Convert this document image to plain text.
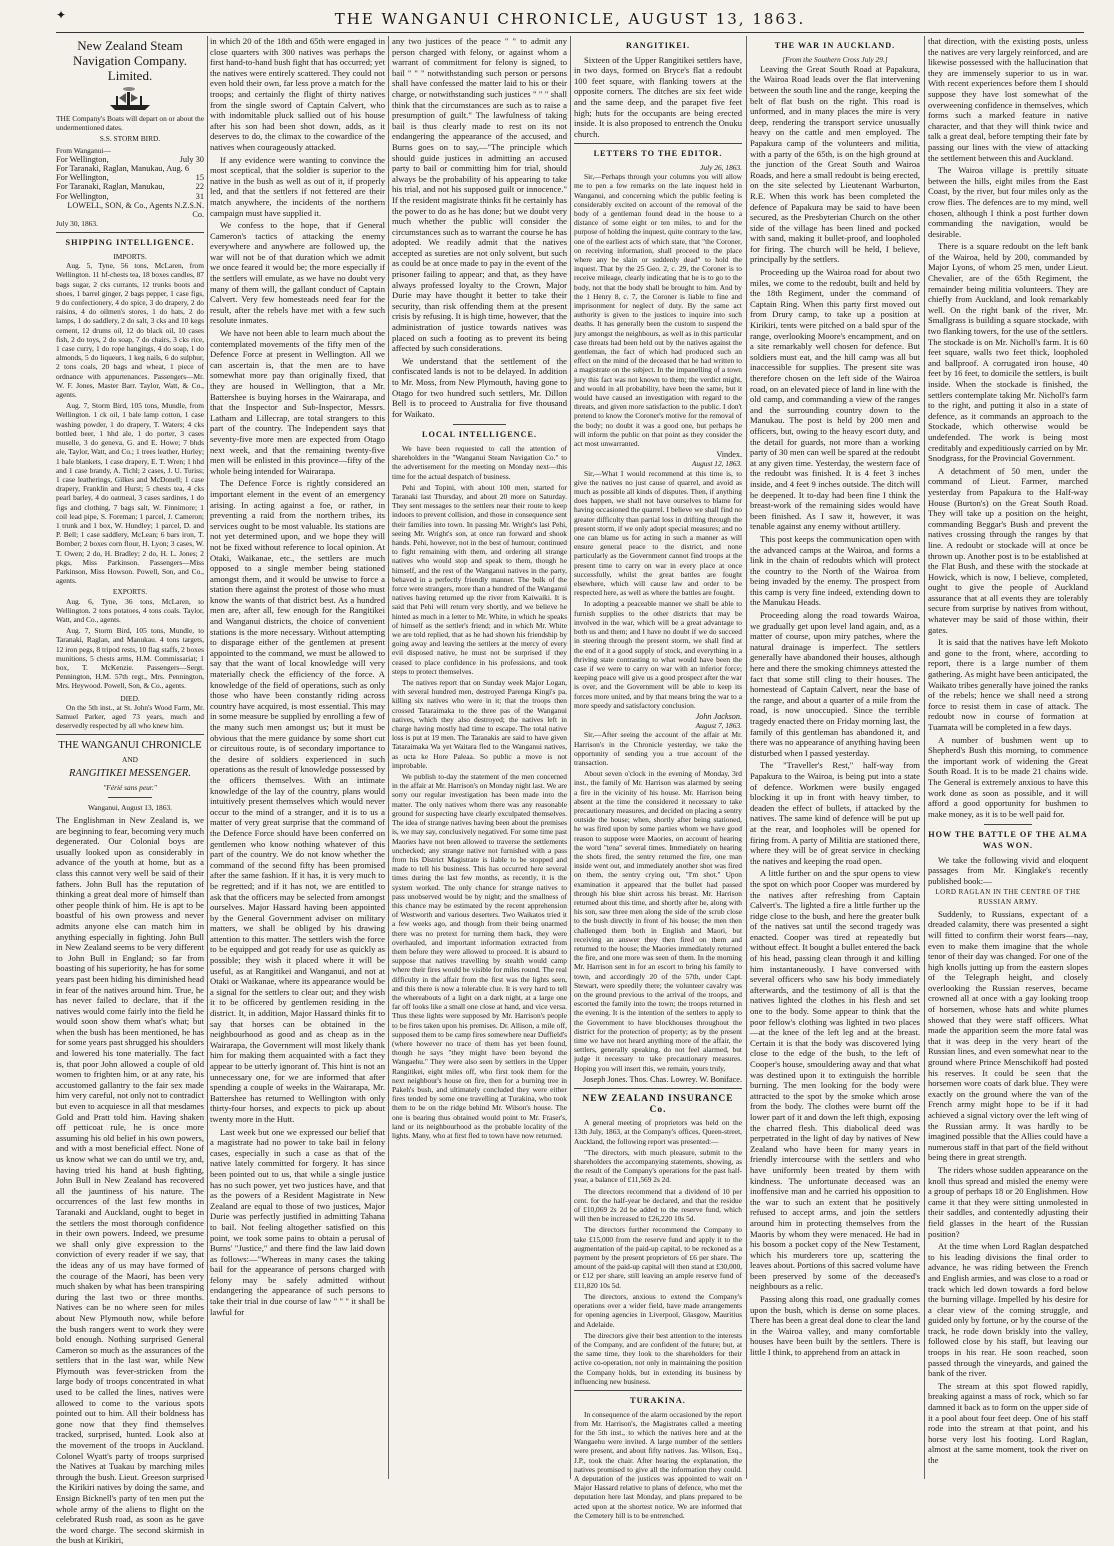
✦	THE WANGANUI CHRONICLE, AUGUST 13, 1863.
New Zealand Steam Navigation Company. Limited.

THE Company's Boats will depart on or about the undermentioned dates.

S.S. STORM BIRD.
From Wanganui—
For Wellington,	July 30
For Taranaki, Raglan, Manukau, Aug. 6
For Wellington,	15
For Taranaki, Raglan, Manukau,	22
For Wellington,	31
LOWELL, SON, & Co., Agents N.Z.S.N. Co.
July 30, 1863.
SHIPPING INTELLIGENCE.
IMPORTS.

Aug. 5, Tyne, 56 tons, McLaren, from Wellington. 11 hf-chests tea, 18 boxes candles, 87 bags sugar, 2 cks currants, 12 trunks boots and shoes, 1 barrel ginger, 2 bags pepper, 1 case figs, 9 do confectionery, 4 do spice, 3 do drapery, 2 do raisins, 4 do oilmen's stores, 1 do hats, 2 do lamps, 1 do saddlery, 2 do salt, 3 cks and 10 kegs cement, 12 drums oil, 12 do black oil, 10 cases fish, 2 do toys, 2 do soap, 7 do chairs, 3 cks rice, 1 case curry, 1 do rope hangings, 4 do soap, 1 do almonds, 5 do liqueurs, 1 keg nails, 6 do sulphur, 2 tons coals, 20 bags and wheat, 1 piece of ordnance with appurtenances. Passengers—Mr. W. F. Jones, Master Barr. Taylor, Watt, & Co., agents.

Aug. 7, Storm Bird, 105 tons, Mundle, from Wellington. 1 ck oil, 1 bale lamp cotton, 1 case washing powder, 1 do drapery, T. Waters; 4 cks bottled beer, 1 hhd ale, 1 do porter, 3 cases muselle, 3 do geneva, G. and E. Howe; 7 bhds ale, Taylor, Watt, and Co.; 1 trees leather, Hurley; 1 bale blankets, 1 case drapery, E. T. Wren; 1 hhd and 1 case brandy, A. Tichl; 2 cases, J. U. Turiss; 1 case leatherings, Gilkes and McDonell; 1 case drapery, Franklin and Hurst; 5 chests tea, 4 cks pearl barley, 4 do oatmeal, 3 cases sardines, 1 do figs and clothing, 7 bags salt, W. Finnimore; 1 coil lead pipe, S. Foreman; 1 parcel, J. Cameron; 1 trunk and 1 box, W. Hundley; 1 parcel, D. and P. Bell; 1 case saddlery, McLean; 6 bars iron, T. Bomber; 2 boxes corn flour, H. Lyon; 3 cases, W. T. Owen; 2 do, H. Bradley; 2 do, H. L. Jones; 2 pkgs, Miss Parkinson. Passengers—Miss Parkinson, Miss Howson. Powell, Son, and Co., agents.

EXPORTS.

Aug. 6, Tyne, 36 tons, McLaren, to Wellington. 2 tons potatoes, 4 tons coals. Taylor, Watt, and Co., agents.

Aug. 7, Storm Bird, 105 tons, Mundle, to Taranaki, Raglan, and Manukau. 4 tons targets, 12 iron pegs, 8 tripod rests, 10 flag staffs, 2 boxes munitions, 5 chests arms, H.M. Commissariat; 1 box, T. McKenzie. Passengers—Sergt. Pennington, H.M. 57th regt., Mrs. Pennington, Mrs. Heywood. Powell, Son, & Co., agents.

DIED.

On the 5th inst., at St. John's Wood Farm, Mr. Samuel Parker, aged 73 years, much and deservedly respected by all who knew him.

THE WANGANUI CHRONICLE
AND
RANGITIKEI MESSENGER.
"Férié sans peur."
Wanganui, August 13, 1863.

The Englishman in New Zealand is, we are beginning to fear, becoming very much degenerated. Our Colonial boys are usually looked upon as considerably in advance of the youth at home, but as a class this cannot very well be said of their fathers. John Bull has the reputation of thinking a great deal more of himself than other people think of him. He is apt to be boastful of his own prowess and never admits anyone else can match him in anything especially in fighting. John Bull in New Zealand seems to be very different to John Bull in England; so far from boasting of his superiority, he has for some years past been hiding his diminished head in fear of the natives around him. True, he has never failed to declare, that if the natives would come fairly into the field he would soon show them what's what; but when the bush has been mentioned, he has for some years past shrugged his shoulders and lowered his tone materially. The fact is, that poor John allowed a couple of old women to frighten him, or at any rate, his accustomed gallantry to the fair sex made him very careful, not only not to contradict but even to acquiesce in all that mesdames Gold and Pratt told him. Having shaken off petticoat rule, he is once more assuming his old belief in his own powers, and with a most beneficial effect. None of us know what we can do until we try, and, having tried his hand at bush fighting, John Bull in New Zealand has recovered all the jauntiness of his nature. The occurrences of the last few months in Taranaki and Auckland, ought to beget in the settlers the most thorough confidence in their own powers. Indeed, we presume we shall only give expression to the conviction of every reader if we say, that the ideas any of us may have formed of the courage of the Maori, has been very much shaken by what has been transpiring during the last two or three months. Natives can be no where seen for miles about New Plymouth now, while before the bush rangers went to work they were bold enough. Nothing surprised General Cameron so much as the assurances of the settlers that in the last war, while New Plymouth was fever-stricken from the large body of troops concentrated in what used to be called the lines, natives were allowed to come to the various spots pointed out to him. All their boldness has gone now that they find themselves tracked, surprised, hunted. Look also at the movement of the troops in Auckland. Colonel Wyatt's party of troops surprised the Natives at Tuakau by marching miles through the bush. Lieut. Greeson surprised the Kirikiri natives by doing the same, and Ensign Bicknell's party of ten men put the whole army of the aliens to flight on the celebrated Rush road, as soon as he gave the word charge. The second skirmish in the bush at Kirikiri,

in which 20 of the 18th and 65th were engaged in close quarters with 300 natives was perhaps the first hand-to-hand bush fight that has occurred; yet the natives were entirely scattered. They could not even hold their own, far less prove a match for the troops; and certainly the flight of thirty natives from the single sword of Captain Calvert, who with indomitable pluck sallied out of his house after his son had been shot down, adds, as it deserves to do, the climax to the cowardice of the natives when courageously attacked.

If any evidence were wanting to convince the most sceptical, that the soldier is superior to the native in the bush as well as out of it, if properly led, and that the settlers if not fettered are their match anywhere, the incidents of the northern campaign must have supplied it.

We confess to the hope, that if General Cameron's tactics of attacking the enemy everywhere and anywhere are followed up, the war will not be of that duration which we admit we once feared it would be; the more especially if the settlers will emulate, as we have no doubt very many of them will, the gallant conduct of Captain Calvert. Very few homesteads need fear for the result, after the rebels have met with a few such resolute inmates.

We have not been able to learn much about the contemplated movements of the fifty men of the Defence Force at present in Wellington. All we can ascertain is, that the men are to have somewhat more pay than originally fixed, that they are housed in Wellington, that a Mr. Battershee is buying horses in the Wairarapa, and that the Inspector and Sub-Inspector, Messrs. Latham and Lillecrap, are total strangers to this part of the country. The Independent says that seventy-five more men are expected from Otago next week, and that the remaining twenty-five men will be enlisted in this province—fifty of the whole being intended for Wairarapa.

The Defence Force is rightly considered an important element in the event of an emergency arising. In acting against a foe, or rather, in preventing a raid from the northern tribes, its services ought to be most valuable. Its stations are not yet determined upon, and we hope they will not be fixed without reference to local opinion. At Otaki, Waikanae, etc., the settlers are much opposed to a single member being stationed amongst them, and it would be unwise to force a station there against the protest of those who must know the wants of that district best. As a hundred men are, after all, few enough for the Rangitikei and Wanganui districts, the choice of convenient stations is the more necessary. Without attempting to disparage either of the gentlemen at present appointed to the command, we must be allowed to say that the want of local knowledge will very materially check the efficiency of the force. A knowledge of the field of operations, such as only those who have been constantly riding across country have acquired, is most essential. This may in some measure be supplied by enrolling a few of the many such men amongst us; but it must be obvious that the mere guidance by some short cut or circuitous route, is of secondary importance to the desire of soldiers experienced in such operations as the result of knowledge possessed by the officers themselves. With an intimate knowledge of the lay of the country, plans would intuitively present themselves which would never occur to the mind of a stranger, and it is to us a matter of very great surprise that the command of the Defence Force should have been conferred on gentlemen who know nothing whatever of this part of the country. We do not know whether the command of the second fifty has been promised after the same fashion. If it has, it is very much to be regretted; and if it has not, we are entitled to ask that the officers may be selected from amongst ourselves. Major Hassard having been appointed by the General Government adviser on military matters, we shall be obliged by his drawing attention to this matter. The settlers wish the force to be equipped and got ready for use as quickly as possible; they wish it placed where it will be useful, as at Rangitikei and Wanganui, and not at Otaki or Waikanae, where its appearance would be a signal for the settlers to clear out; and they wish it to be officered by gentlemen residing in the district. It, in addition, Major Hassard thinks fit to say that horses can be obtained in the neighbourhood as good and as cheap as in the Wairarapa, the Government will most likely thank him for making them acquainted with a fact they appear to be utterly ignorant of. This hint is not an unnecessary one, for we are informed that after spending a couple of weeks in the Wairarapa, Mr. Battershee has returned to Wellington with only thirty-four horses, and expects to pick up about twenty more in the Hutt.

Last week but one we expressed our belief that a magistrate had no power to take bail in felony cases, especially in such a case as that of the native lately committed for forgery. It has since been pointed out to us, that while a single justice has no such power, yet two justices have, and that as the powers of a Resident Magistrate in New Zealand are equal to those of two justices, Major Durie was perfectly justified in admitting Tahana to bail. Not feeling altogether satisfied on this point, we took some pains to obtain a perusal of Burns' "Justice," and there find the law laid down as follows:—"Whereas in many cases the taking bail for the appearance of persons charged with felony may be safely admitted without endangering the appearance of such persons to take their trial in due course of law " " " it shall be lawful for

any two justices of the peace " " to admit any person charged with felony, or against whom a warrant of commitment for felony is signed, to bail " " " notwithstanding such person or persons shall have confessed the matter laid to his or their charge, or notwithstanding such justices " " " shall think that the circumstances are such as to raise a presumption of guilt." The lawfulness of taking bail is thus clearly made to rest on its not endangering the appearance of the accused, and Burns goes on to say,—"The principle which should guide justices in admitting an accused party to bail or committing him for trial, should always be the probability of his appearing to take his trial, and not his supposed guilt or innocence." If the resident magistrate thinks fit he certainly has the power to do as he has done; but we doubt very much whether the public will consider the circumstances such as to warrant the course he has adopted. We readily admit that the natives accepted as sureties are not only solvent, but such as could be at once made to pay in the event of the prisoner failing to appear; and that, as they have always professed loyalty to the Crown, Major Durie may have thought it better to take their security, than risk offending them at the present crisis by refusing. It is high time, however, that the administration of justice towards natives was placed on such a footing as to prevent its being affected by such considerations.

We understand that the settlement of the confiscated lands is not to be delayed. In addition to Mr. Moss, from New Plymouth, having gone to Otago for two hundred such settlers, Mr. Dillon Bell is to proceed to Australia for five thousand for Waikato.

LOCAL INTELLIGENCE.

We have been requested to call the attention of shareholders in the "Wanganui Steam Navigation Co." to the advertisement for the meeting on Monday next—this time for the actual despatch of business.

Pehi and Topini, with about 100 men, started for Taranaki last Thursday, and about 20 more on Saturday. They sent messages to the settlers near their route to keep indoors to prevent collision, and those in consequence sent their families into town. In passing Mr. Wright's last Pehi, seeing Mr. Wright's son, at once ran forward and shook hands. Pehi, however, not in the best of humour, continued to fight remaining with them, and ordering all strange natives who would stop and speak to them, though he himself, and the rest of the Wanganui natives in the party, behaved in a perfectly friendly manner. The bulk of the force were strangers, more than a hundred of the Wanganui natives having returned up the river from Kaiwaiki. It is said that Pehi will return very shortly, and we believe he hinted as much in a letter to Mr. White, in which he speaks of himself as the settler's friend; and in which Mr. White we are told replied, that as he had shown his friendship by going away and leaving the settlers at the mercy of every evil disposed native, he must not be surprised if they ceased to place confidence in his professions, and took steps to protect themselves.

The natives report that on Sunday week Major Logan, with several hundred men, destroyed Parenga Kingi's pa, killing six natives who were in it; that the troops then crossed Tataraimaka to the three pas of the Wanganui natives, which they also destroyed; the natives left in charge having mostly had time to escape. The total native loss is put at 19 men. The Taranakis are said to have given Tataraimaka Wa yet Waitara fled to the Wanganui natives, as ucta ke Hore Paleaa. So public a move is not improbable.

We publish to-day the statement of the men concerned in the affair at Mr. Harrison's on Monday night last. We are sorry our regular investigation has been made into the matter. The only natives whom there was any reasonable ground for suspecting have clearly exculpated themselves. The idea of strange natives having been about the premises is, we may say, conclusively negatived. For some time past Maories have not been allowed to traverse the settlements unchecked; any strange native not furnished with a pass from his District Magistrate is liable to be stopped and made to tell his business. This has occurred here several times during the last few months, as recently, it is the system worked. The only chance for strange natives to pass unobserved would be by night; and the smallness of this chance may be estimated by the recent apprehension of Westworth and various deserters. Two Waikatos tried it a few weeks ago, and though from their being unarmed there was no pretext for turning them back, they were overhauled, and important information extracted from them before they were allowed to proceed. It is absurd to suppose that natives travelling by stealth would camp where their fires would be visible for miles round. The real difficulty in the affair from the first was the lights seen, and this there is now a tolerable clue. It is very hard to tell the whereabouts of a light on a dark night, at a large one far off looks like a small one close at hand, and vice versa. Thus these lights were supposed by Mr. Harrison's people to be fires taken upon his premises. Dr. Allison, a mile off, supposed them to be camp fires somewhere near Duffield's (where however no trace of them has yet been found, though he says "they might have been beyond the Wangaehu." They were also seen by settlers in the Upper Rangitikei, eight miles off, who first took them for the next neighbour's house on fire, then for a burning tree in Pakeh's bush, and ultimately concluded they were either fires tended by some one travelling at Turakina, who took them to be on the ridge behind Mr. Wilson's house. The one is bearing thus obtained would point to Mr. Fraser's, land or its neighbourhood as the probable locality of the lights. Many, who at first fled to town have now returned.

RANGITIKEI.

Sixteen of the Upper Rangitikei settlers have, in two days, formed on Bryce's flat a redoubt 100 feet square, with flanking towers at the opposite corners. The ditches are six feet wide and the same deep, and the parapet five feet high; huts for the occupants are being erected inside. It is also proposed to entrench the Onuku church.

LETTERS TO THE EDITOR.
July 26, 1863.

Sir,—Perhaps through your columns you will allow me to pen a few remarks on the late inquest held in Wanganui, and concerning which the public feeling is considerably excited on account of the removal of the body of a gentleman found dead in the house to a distance of some eight or ten miles, to and for the purpose of holding the inquest, quite contrary to the law, one of the earliest acts of which state, that "the Coroner, on receiving information, shall proceed to the place where any be slain or suddenly dead" to hold the inquest. That by the 25 Geo. 2, c. 29, the Coroner is to receive mileage, clearly indicating that he is to go to the body, not that the body shall be brought to him. And by the 1 Henry 8, c. 7, the Coroner is liable to fine and imprisonment for neglect of duty. By the same act authority is given to the justices to inquire into such deaths. It has generally been the custom to suspend the jury amongst the neighbours, as well as in this particular case threats had been held out by the natives against the gentleman, the fact of which had produced such an effect on the mind of the deceased that he had written to a magistrate on the subject. In the impanelling of a town jury this fact was not known to them; the verdict might, and would in all probability, have been the same, but it would have caused an investigation with regard to the threats, and given more satisfaction to the public. I don't pretend to know the Coroner's motive for the removal of the body; no doubt it was a good one, but perhaps he will inform the public on that point as they consider the act most unwarranted.

Vindex.
August 12, 1863.

Sir,—What I would recommend at this time is, to give the natives no just cause of quarrel, and avoid as much as possible all kinds of disputes. Then, if anything does happen, we shall not have ourselves to blame for having occasioned the quarrel. I believe we shall find no greater difficulty than partial loss in drifting through the present storm, if we only adopt special measures; and no one can blame us for acting in such a manner as will ensure general peace to the district, and none particularly as the Government cannot find troops at the present time to carry on war in every place at once successfully, whilst the great battles are fought elsewhere, which will cause law and order to be respected here, as well as where the battles are fought.

In adopting a peaceable manner we shall be able to furnish supplies to the other districts that may be involved in the war, which will be a great advantage to both us and them; and I have no doubt if we do succeed in steering through the present storm, we shall find at the end of it a good supply of stock, and everything in a thriving state contrasting to what would have been the case if we were to carry on war with an inferior force; keeping peace will give us a good prospect after the war is over, and the Government will be able to keep its forces more united, and by that means bring the war to a more speedy and satisfactory conclusion.

John Jackson.
August 7, 1863.

Sir,—After seeing the account of the affair at Mr. Harrison's in the Chronicle yesterday, we take the opportunity of sending you a true account of the transaction.

About seven o'clock in the evening of Monday, 3rd inst., the family of Mr. Harrison was alarmed by seeing a fire in the vicinity of his house. Mr. Harrison being absent at the time the considered it necessary to take precautionary measures, and decided on placing a sentry outside the house; when, shortly after being stationed, he was fired upon by some parties whom we have good reason to suppose were Maories, on account of hearing the word "tena" several times. Immediately on hearing the shots fired, the sentry returned the fire, one man inside went out, and immediately another shot was fired on them, the sentry crying out, "I'm shot." Upon examination it appeared that the bullet had passed through his blue shirt across his breast. Mr. Harrison returned about this time, and shortly after he, along with his son, saw three men along the side of the scrub close to the bush directly in front of his house; the men then challenged them both in English and Maori, but receiving an answer they then fired on them and returned to the house; the Maories immediately returned the fire, and one more was seen of them. In the morning Mr. Harrison sent in for an escort to bring his family to town, and accordingly 20 of the 57th, under Capt. Stewart, were speedily there; the volunteer cavalry was on the ground previous to the arrival of the troops, and escorted the family into the town; the troops returned in the evening. It is the intention of the settlers to apply to the Government to have blockhouses throughout the district for the protection of property; as by the present time we have not heard anything more of the affair, the settlers, generally speaking, do not feel alarmed, but judge it necessary to take precautionary measures. Hoping you will insert this, we remain, yours truly,

Joseph Jones. Thos. Chas. Lowrey. W. Boniface.
NEW ZEALAND INSURANCE Co.

A general meeting of proprietors was held on the 13th July, 1863, at the Company's offices, Queen-street, Auckland, the following report was presented:—

"The directors, with much pleasure, submit to the shareholders the accompanying statements, showing, as the result of the Company's operations for the past half-year, a balance of £11,569 2s 2d.

The directors recommend that a dividend of 10 per cent. for the half-year be declared, and that the residue of £10,069 2s 2d be added to the reserve fund, which will then be increased to £26,220 10s 5d.

The directors further recommend the Company to take £15,000 from the reserve fund and apply it to the augmentation of the paid-up capital, to be reckoned as a payment by the present proprietors of £6 per share. The amount of the paid-up capital will then stand at £30,000, or £12 per share, still leaving an ample reserve fund of £11,820 10s 5d.

The directors, anxious to extend the Company's operations over a wider field, have made arrangements for opening agencies in Liverpool, Glasgow, Mauritius and Adelaide.

The directors give their best attention to the interests of the Company, and are confident of the future; but, at the same time, they look to the shareholders for their active co-operation, not only in maintaining the position the Company holds, but in extending its business by influencing new business.

TURAKINA.

In consequence of the alarm occasioned by the report from Mr. Harrison's, the Magistrates called a meeting for the 5th inst., to which the natives here and at the Wangaehu were invited. A large number of the settlers were present, and about fifty natives. Jas. Wilson, Esq., J.P., took the chair. After hearing the explanation, the natives promised to give all the information they could. A deputation of the justices was appointed to wait on Major Hassard relative to plans of defence, who met the deputation here last Monday, and plans prepared to be acted upon at the shortest notice. We are informed that the Cemetery hill is to be entrenched.

THE WAR IN AUCKLAND.
[From the Southern Cross July 29.]

Leaving the Great South Road at Papakura, the Wairoa Road leads over the flat intervening between the south line and the range, keeping the belt of flat bush on the right. This road is unformed, and in many places the mire is very deep, rendering the transport service unusually heavy on the cattle and men employed. The Papakura camp of the volunteers and militia, with a party of the 65th, is on the high ground at the junction of the Great South and Wairoa Roads, and here a small redoubt is being erected, on the site selected by Lieutenant Warburton, R.E. When this work has been completed the defence of Papakura may be said to have been secured, as the Presbyterian Church on the other side of the village has been lined and pocked with sand, making it bullet-proof, and loopholed for firing. The church will be held, I believe, principally by the settlers.

Proceeding up the Wairoa road for about two miles, we come to the redoubt, built and held by the 18th Regiment, under the command of Captain Ring. When this party first moved out from Drury camp, to take up a position at Kirikiri, tents were pitched on a bald spur of the range, overlooking Moore's encampment, and on a site remarkably well chosen for defence. But soldiers must eat, and the hill camp was all but inaccessible for supplies. The present site was therefore chosen on the left side of the Wairoa road, on an elevated piece of land in line with the old camp, and commanding a view of the ranges and the surrounding country down to the Manukau. The post is held by 200 men and officers, but, owing to the heavy escort duty, and the detail for guards, not more than a working party of 30 men can well be spared at the redoubt at any given time. Yesterday, the western face of the redoubt was finished. It is 4 feet 3 inches inside, and 4 feet 9 inches outside. The ditch will be deepened. It to-day had been fine I think the breast-work of the remaining sides would have been finished. As I saw it, however, it was tenable against any enemy without artillery.

This post keeps the communication open with the advanced camps at the Wairoa, and forms a link in the chain of redoubts which will protect the country to the North of the Wairoa from being invaded by the enemy. The prospect from this camp is very fine indeed, extending down to the Manukau Heads.

Proceeding along the road towards Wairoa, we gradually get upon level land again, and, as a matter of course, upon miry patches, where the natural drainage is imperfect. The settlers generally have abandoned their houses, although here and there the smoking chimneys attested the fact that some still cling to their houses. The homestead of Captain Calvert, near the base of the range, and about a quarter of a mile from the road, is now unoccupied. Since the terrible tragedy enacted there on Friday morning last, the family of this gentleman has abandoned it, and there was no appearance of anything having been disturbed when I passed yesterday.

The "Traveller's Rest," half-way from Papakura to the Wairoa, is being put into a state of defence. Workmen were busily engaged blocking it up in front with heavy timber, to deaden the effect of bullets, if attacked by the natives. The same kind of defence will be put up at the rear, and loopholes will be opened for firing from. A party of Militia are stationed there, where they will be of great service in checking the natives and keeping the road open.

A little further on and the spur opens to view the spot on which poor Cooper was murdered by the natives after refreshing from Captain Calvert's. The lighted a fire a little further up the ridge close to the bush, and here the greater bulk of the natives sat until the second tragedy was enacted. Cooper was tired at repeatedly but without effect. It bought a bullet entered the back of his head, passing clean through it and killing him instantaneously. I have conversed with several officers who saw his body immediately afterwards, and the testimony of all is that the natives lighted the clothes in his flesh and set one to the body. Some appear to think that the poor fellow's clothing was lighted in two places—at the knee of the left leg and at the breast. Certain it is that the body was discovered lying close to the edge of the bush, to the left of Cooper's house, smouldering away and that what was destined upon it to extinguish the horrible burning. The men looking for the body were attracted to the spot by the smoke which arose from the body. The clothes were burnt off the lower part of it and down the left thigh, exposing the charred flesh. This diabolical deed was perpetrated in the light of day by natives of New Zealand who have been for many years in friendly intercourse with the settlers and who have uniformly been treated by them with kindness. The unfortunate deceased was an inoffensive man and he carried his opposition to the war to such an extent that he positively refused to accept arms, and join the settlers around him in protecting themselves from the Maoris by whom they were menaced. He had in his bosom a pocket copy of the New Testament, which his murderers tore up, scattering the leaves about. Portions of this sacred volume have been preserved by some of the deceased's neighbours as a relic.

Passing along this road, one gradually comes upon the bush, which is dense on some places. There has been a great deal done to clear the land in the Wairoa valley, and many comfortable houses have been built by the settlers. There is little I think, to apprehend from an attack in

that direction, with the existing posts, unless the natives are very largely reinforced, and are likewise possessed with the hallucination that they are immensely superior to us in war. With recent experiences before them I should suppose they have lost somewhat of the overweening confidence in themselves, which forms such a marked feature in native character, and that they will think twice and talk a great deal, before tempting their fate by passing our lines with the view of attacking the settlement between this and Auckland.

The Wairoa village is prettily situate between the hills, eight miles from the East Coast, by the river, but four miles only as the crow flies. The defences are to my mind, well chosen, although I think a post further down commanding the navigation, would be desirable.

There is a square redoubt on the left bank of the Wairoa, held by 200, commanded by Major Lyons, of whom 25 men, under Lieut. Chevalier, are of the 65th Regiment, the remainder being militia volunteers. They are chiefly from Auckland, and look remarkably well. On the right bank of the river, Mr. Smallgrass is building a square stockade, with two flanking towers, for the use of the settlers. The stockade is on Mr. Nicholl's farm. It is 60 feet square, walls two feet thick, loopholed and ballproof. A corrugated iron house, 40 feet by 16 feet, to domicile the settlers, is built inside. When the stockade is finished, the settlers contemplate taking Mr. Nicholl's farm to the right, and putting it also in a state of defence, as it commands an approach to the Stockade, which otherwise would be undefended. The work is being most creditably and expeditiously carried on by Mr. Snodgrass, for the Provincial Government.

A detachment of 50 men, under the command of Lieut. Farmer, marched yesterday from Papakura to the Half-way House (Burton's) on the Great South Road. They will take up a position on the height, commanding Beggar's Bush and prevent the natives crossing through the ranges by that line. A redoubt or stockade will at once be thrown up. Another post is to be established at the Flat Bush, and these with the stockade at Howick, which is now, I believe, completed, ought to give the people of Auckland assurance that at all events they are tolerably secure from surprise by natives from without, whatever may be said of those within, their gates.

It is said that the natives have left Mokoto and gone to the front, where, according to report, there is a large number of them gathering. As might have been anticipated, the Waikato tribes generally have joined the ranks of the rebels; hence we shall need a strong force to resist them in case of attack. The redoubt now in course of formation at Tuamata will be completed in a few days.

A number of bushmen went up to Shepherd's Bush this morning, to commence the important work of widening the Great South Road. It is to be made 21 chains wide. The General is extremely anxious to have this work done as soon as possible, and it will afford a good opportunity for bushmen to make money, as it is to be well paid for.

HOW THE BATTLE OF THE ALMA WAS WON.

We take the following vivid and eloquent passages from Mr. Kinglake's recently published book:—

LORD RAGLAN IN THE CENTRE OF THE RUSSIAN ARMY.

Suddenly, to Russians, expectant of a dreaded calamity, there was presented a sight will fitted to confirm their worst fears—nay, even to make them imagine that the whole tenor of their day was changed. For one of the high knolls jutting up from the eastern slopes of the Telegraph height, and closely overlooking the Russian reserves, became crowned all at once with a gay looking troop of horsemen, whose hats and white plumes showed that they were staff officers. What made the apparition seem the more fatal was that it was deep in the very heart of the Russian lines, and even somewhat near to the ground where Prince Menschikoff had posted his reserves. It could be seen that the horsemen wore coats of dark blue. They were exactly on the ground where the van of the French army might hope to be if it had achieved a signal victory over the left wing of the Russian army. It was hardly to be imagined possible that the Allies could have a numerous staff in that part of the field without being there in great strength.

The riders whose sudden appearance on the knoll thus spread and misled the enemy were a group of perhaps 18 or 20 Englishmen. How came it that they were sitting unmolested in their saddles, and contentedly adjusting their field glasses in the heart of the Russian position?

At the time when Lord Raglan despatched to his leading divisions the final order to advance, he was riding between the French and English armies, and was close to a road or track which led down towards a ford below the burning village. Impelled by his desire for a clear view of the coming struggle, and guided only by fortune, or by the course of the track, he rode down briskly into the valley, followed close by his staff, but leaving our troops in his rear. He soon reached, soon passed through the vineyards, and gained the bank of the river.

The stream at this spot flowed rapidly, breaking against a mass of rock, which so far damned it back as to form on the upper side of it a pool about four feet deep. One of his staff rode into the stream at that point, and his horse very lost his footing. Lord Raglan, almost at the same moment, took the river on the
